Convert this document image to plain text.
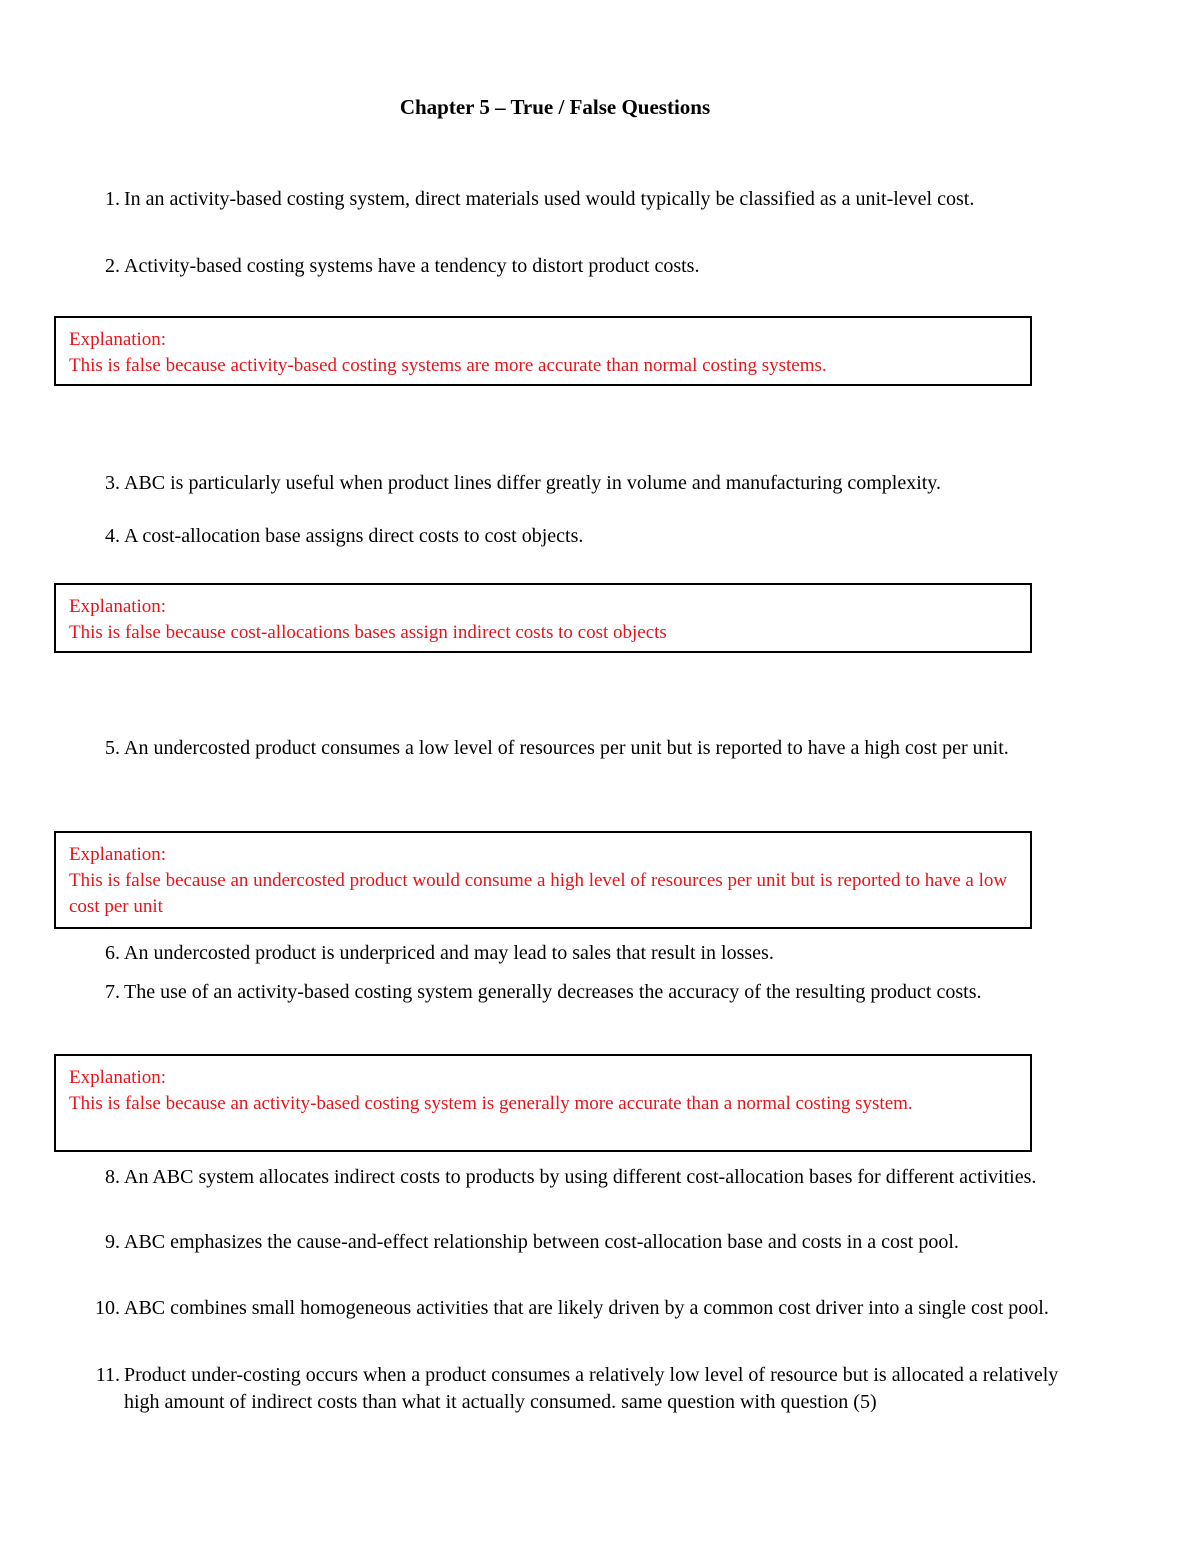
Chapter 5 – True / False Questions
1. In an activity-based costing system, direct materials used would typically be classified as a unit-level cost.
2. Activity-based costing systems have a tendency to distort product costs.
Explanation:
This is false because activity-based costing systems are more accurate than normal costing systems.
3. ABC is particularly useful when product lines differ greatly in volume and manufacturing complexity.
4. A cost-allocation base assigns direct costs to cost objects.
Explanation:
This is false because cost-allocations bases assign indirect costs to cost objects
5. An undercosted product consumes a low level of resources per unit but is reported to have a high cost per unit.
Explanation:
This is false because an undercosted product would consume a high level of resources per unit but is reported to have a low cost per unit
6. An undercosted product is underpriced and may lead to sales that result in losses.
7. The use of an activity-based costing system generally decreases the accuracy of the resulting product costs.
Explanation:
This is false because an activity-based costing system is generally more accurate than a normal costing system.
8. An ABC system allocates indirect costs to products by using different cost-allocation bases for different activities.
9. ABC emphasizes the cause-and-effect relationship between cost-allocation base and costs in a cost pool.
10. ABC combines small homogeneous activities that are likely driven by a common cost driver into a single cost pool.
11. Product under-costing occurs when a product consumes a relatively low level of resource but is allocated a relatively high amount of indirect costs than what it actually consumed. same question with question (5)
